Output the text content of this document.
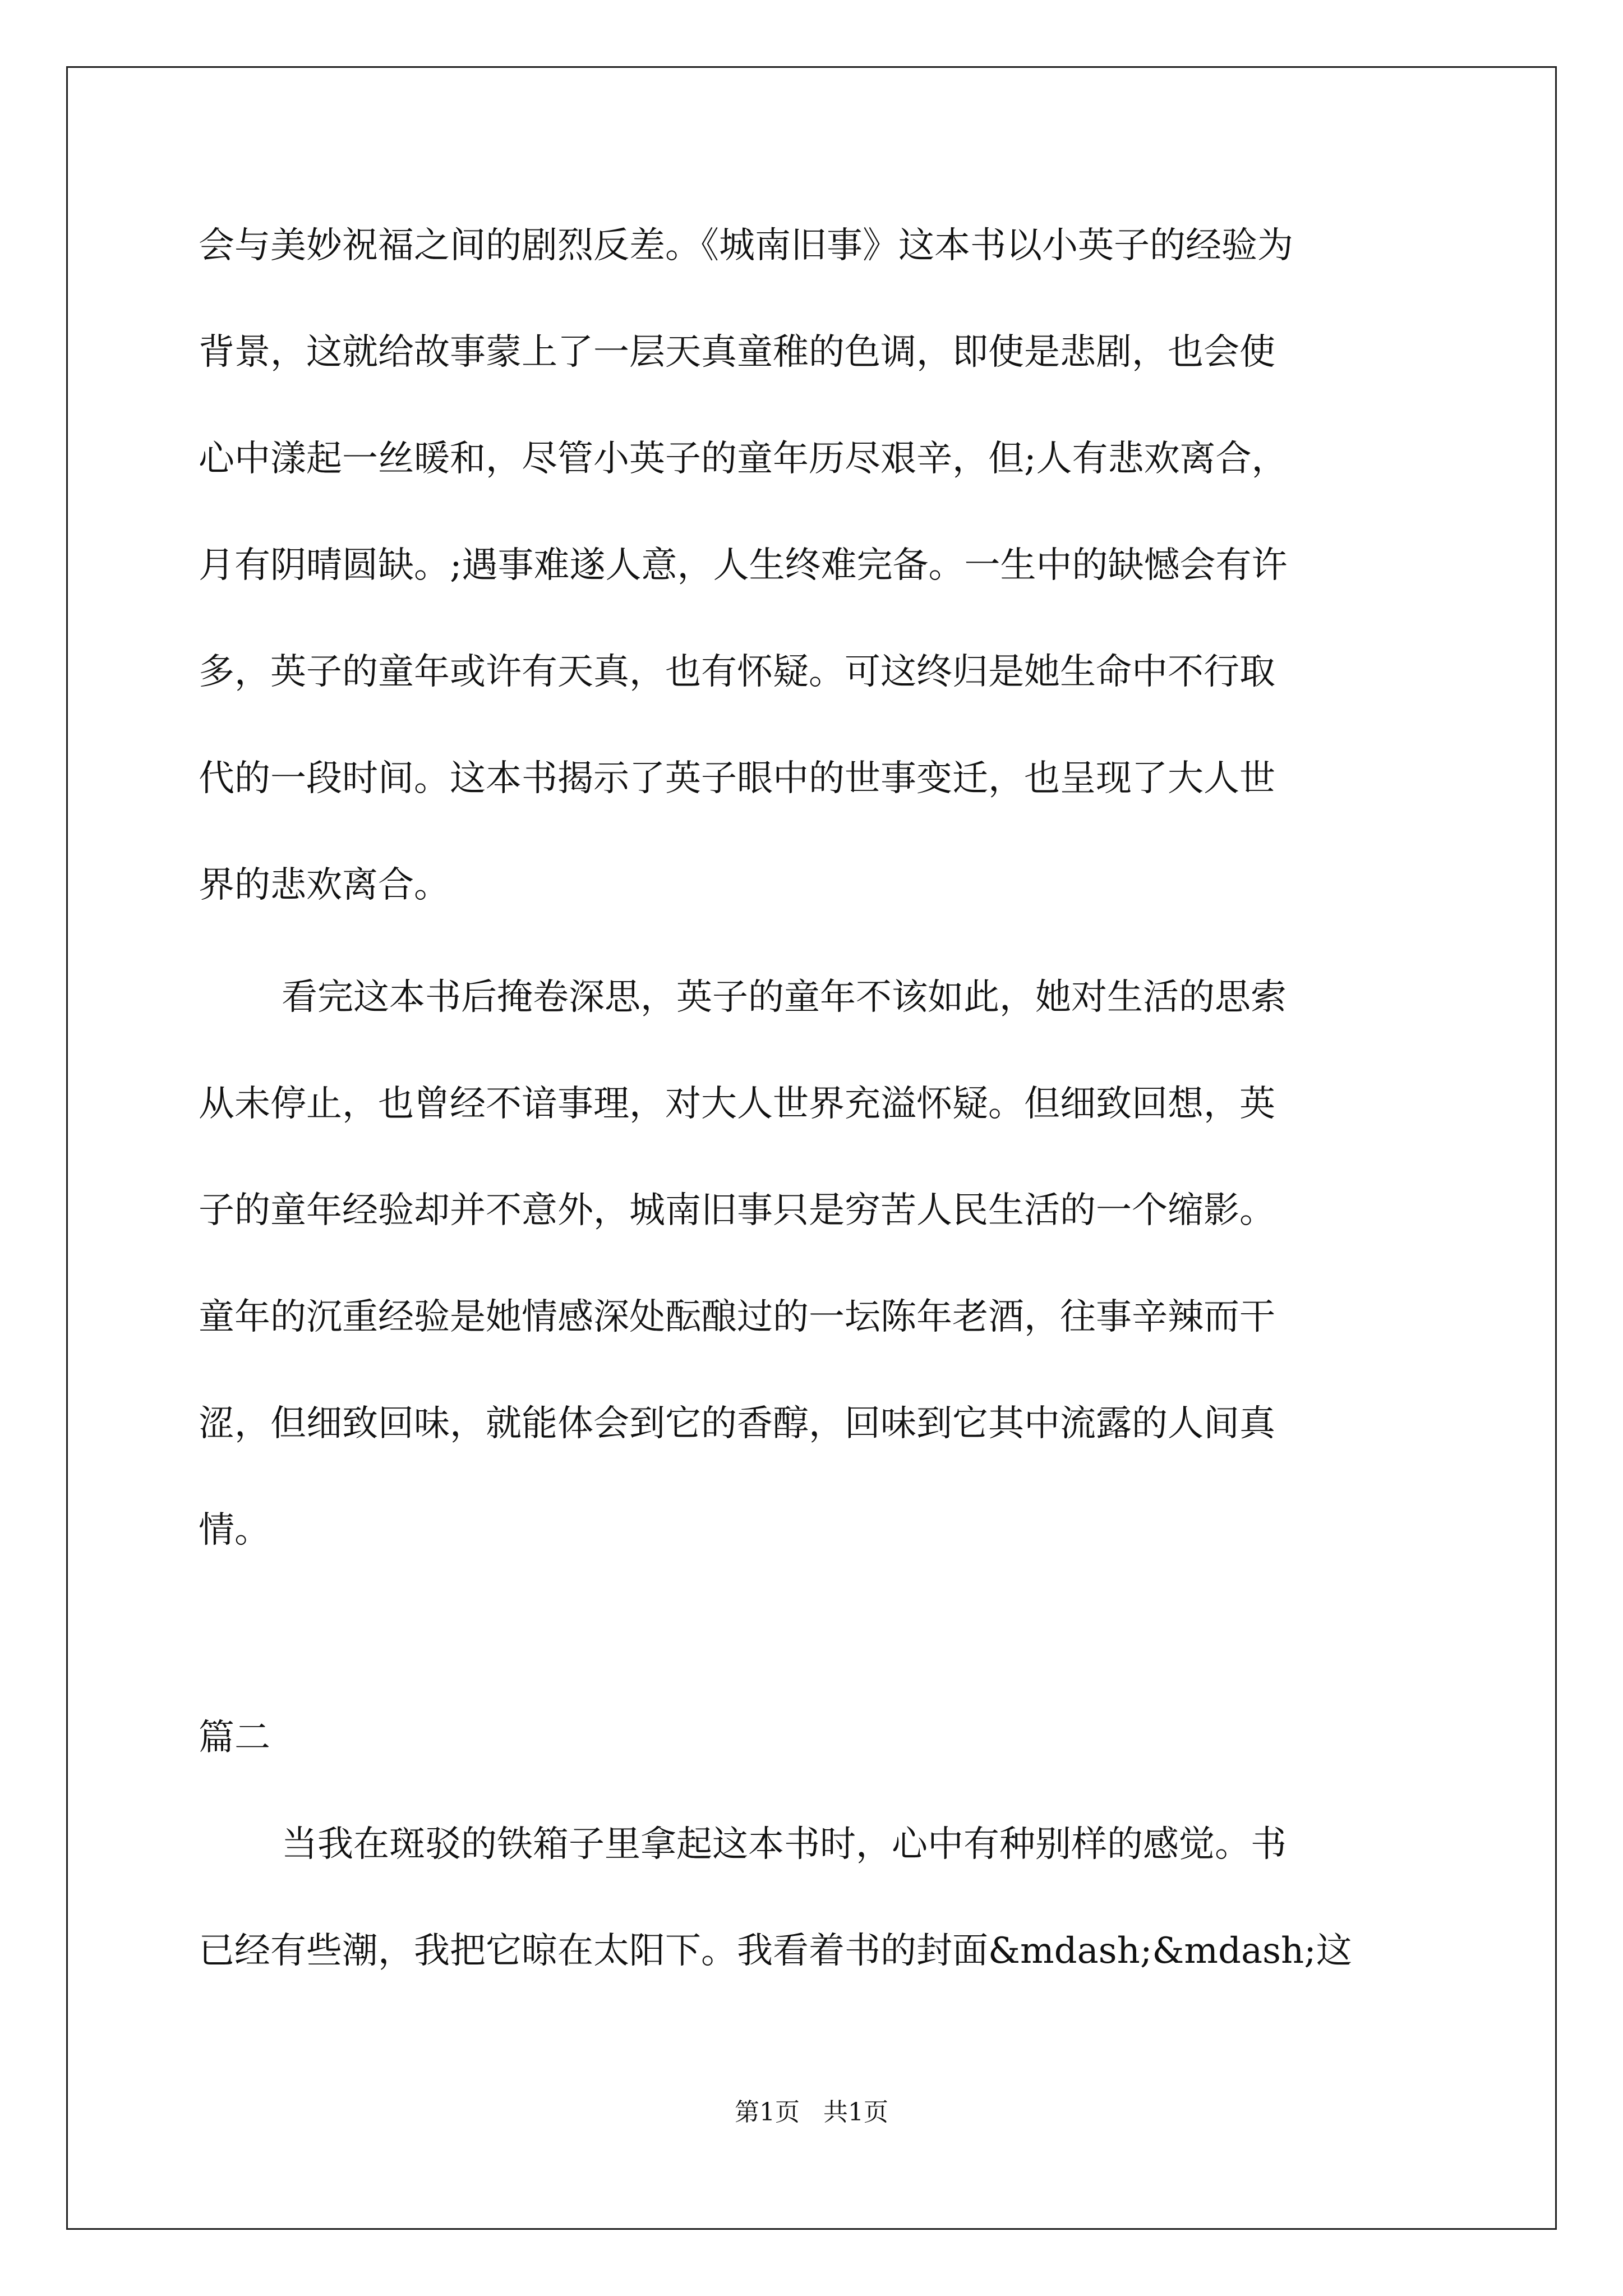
会与美妙祝福之间的剧烈反差。《城南旧事》这本书以小英子的经验为

背景，这就给故事蒙上了一层天真童稚的色调，即使是悲剧，也会使

心中漾起一丝暖和，尽管小英子的童年历尽艰辛，但;人有悲欢离合，

月有阴晴圆缺。;遇事难遂人意，人生终难完备。一生中的缺憾会有许

多，英子的童年或许有天真，也有怀疑。可这终归是她生命中不行取

代的一段时间。这本书揭示了英子眼中的世事变迁，也呈现了大人世

界的悲欢离合。

看完这本书后掩卷深思，英子的童年不该如此，她对生活的思索

从未停止，也曾经不谙事理，对大人世界充溢怀疑。但细致回想，英

子的童年经验却并不意外，城南旧事只是穷苦人民生活的一个缩影。

童年的沉重经验是她情感深处酝酿过的一坛陈年老酒，往事辛辣而干

涩，但细致回味，就能体会到它的香醇，回味到它其中流露的人间真

情。

篇二

当我在斑驳的铁箱子里拿起这本书时，心中有种别样的感觉。书

已经有些潮，我把它晾在太阳下。我看着书的封面&mdash;&mdash;这

第1页 共1页
